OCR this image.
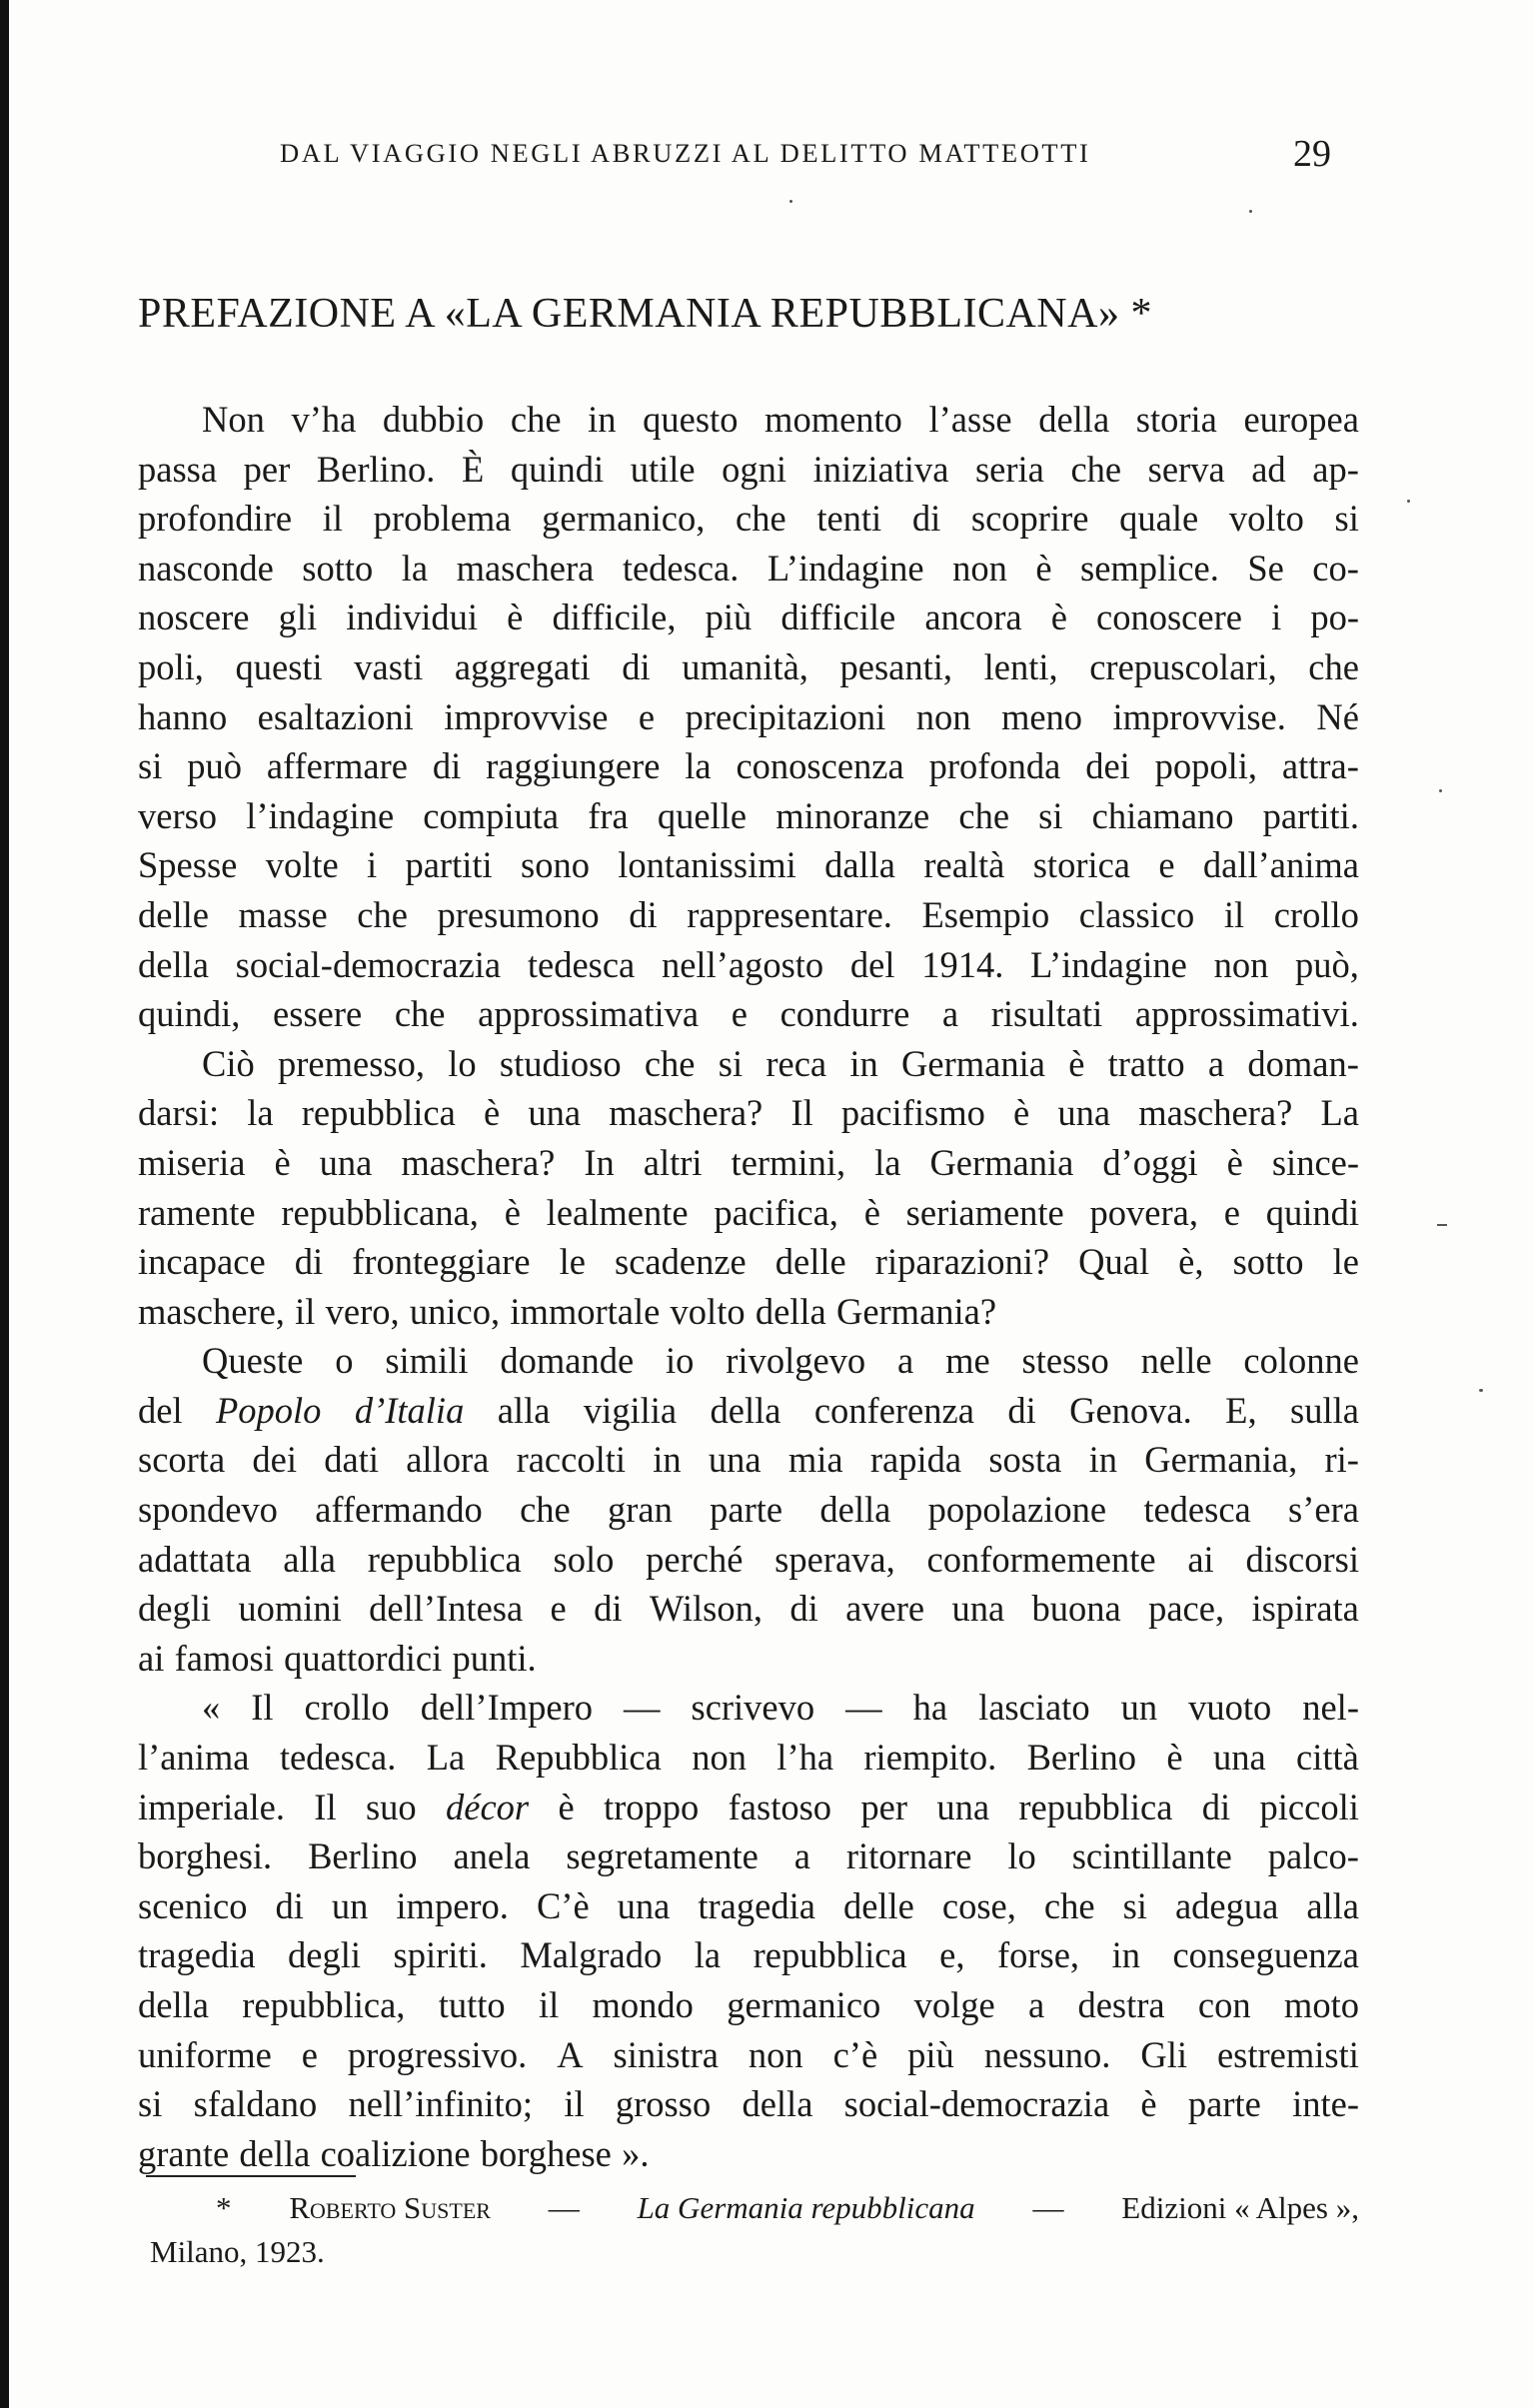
DAL VIAGGIO NEGLI ABRUZZI AL DELITTO MATTEOTTI	29
PREFAZIONE A «LA GERMANIA REPUBBLICANA» *
Non v’ha dubbio che in questo momento l’asse della storia europea
passa per Berlino. È quindi utile ogni iniziativa seria che serva ad ap-
profondire il problema germanico, che tenti di scoprire quale volto si
nasconde sotto la maschera tedesca. L’indagine non è semplice. Se co-
noscere gli individui è difficile, più difficile ancora è conoscere i po-
poli, questi vasti aggregati di umanità, pesanti, lenti, crepuscolari, che
hanno esaltazioni improvvise e precipitazioni non meno improvvise. Né
si può affermare di raggiungere la conoscenza profonda dei popoli, attra-
verso l’indagine compiuta fra quelle minoranze che si chiamano partiti.
Spesse volte i partiti sono lontanissimi dalla realtà storica e dall’anima
delle masse che presumono di rappresentare. Esempio classico il crollo
della social-democrazia tedesca nell’agosto del 1914. L’indagine non può,
quindi, essere che approssimativa e condurre a risultati approssimativi.
Ciò premesso, lo studioso che si reca in Germania è tratto a doman-
darsi: la repubblica è una maschera? Il pacifismo è una maschera? La
miseria è una maschera? In altri termini, la Germania d’oggi è since-
ramente repubblicana, è lealmente pacifica, è seriamente povera, e quindi
incapace di fronteggiare le scadenze delle riparazioni? Qual è, sotto le
maschere, il vero, unico, immortale volto della Germania?
Queste o simili domande io rivolgevo a me stesso nelle colonne
del Popolo d’Italia alla vigilia della conferenza di Genova. E, sulla
scorta dei dati allora raccolti in una mia rapida sosta in Germania, ri-
spondevo affermando che gran parte della popolazione tedesca s’era
adattata alla repubblica solo perché sperava, conformemente ai discorsi
degli uomini dell’Intesa e di Wilson, di avere una buona pace, ispirata
ai famosi quattordici punti.
« Il crollo dell’Impero — scrivevo — ha lasciato un vuoto nel-
l’anima tedesca. La Repubblica non l’ha riempito. Berlino è una città
imperiale. Il suo décor è troppo fastoso per una repubblica di piccoli
borghesi. Berlino anela segretamente a ritornare lo scintillante palco-
scenico di un impero. C’è una tragedia delle cose, che si adegua alla
tragedia degli spiriti. Malgrado la repubblica e, forse, in conseguenza
della repubblica, tutto il mondo germanico volge a destra con moto
uniforme e progressivo. A sinistra non c’è più nessuno. Gli estremisti
si sfaldano nell’infinito; il grosso della social-democrazia è parte inte-
grante della coalizione borghese ».
* Roberto Suster — La Germania repubblicana — Edizioni « Alpes »,
Milano, 1923.
